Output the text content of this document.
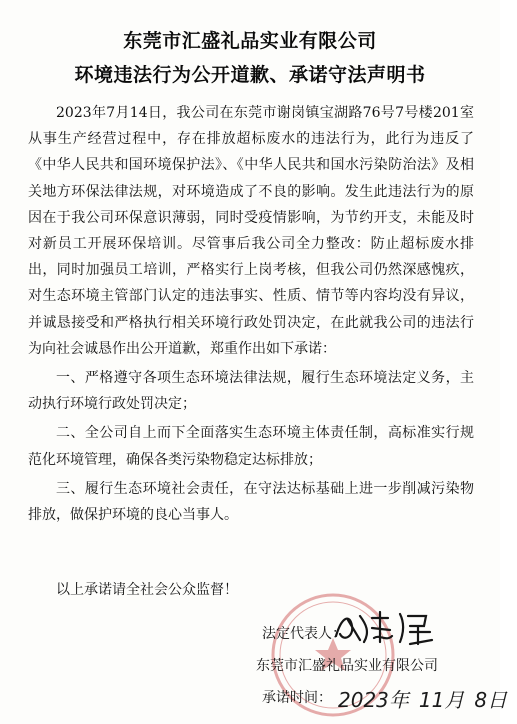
东莞市汇盛礼品实业有限公司
环境违法行为公开道歉、承诺守法声明书

2023年7月14日，我公司在东莞市谢岗镇宝湖路76号7号楼201室从事生产经营过程中，存在排放超标废水的违法行为，此行为违反了《中华人民共和国环境保护法》、《中华人民共和国水污染防治法》及相关地方环保法律法规，对环境造成了不良的影响。发生此违法行为的原因在于我公司环保意识薄弱，同时受疫情影响，为节约开支，未能及时对新员工开展环保培训。尽管事后我公司全力整改：防止超标废水排出，同时加强员工培训，严格实行上岗考核，但我公司仍然深感愧疚，对生态环境主管部门认定的违法事实、性质、情节等内容均没有异议，并诚恳接受和严格执行相关环境行政处罚决定，在此就我公司的违法行为向社会诚恳作出公开道歉，郑重作出如下承诺：

一、严格遵守各项生态环境法律法规，履行生态环境法定义务，主动执行环境行政处罚决定；

二、全公司自上而下全面落实生态环境主体责任制，高标准实行规范化环境管理，确保各类污染物稳定达标排放；

三、履行生态环境社会责任，在守法达标基础上进一步削减污染物排放，做保护环境的良心当事人。

以上承诺请全社会公众监督！
法定代表人：
东莞市汇盛礼品实业有限公司
承诺时间： 2023年 11月 8日
